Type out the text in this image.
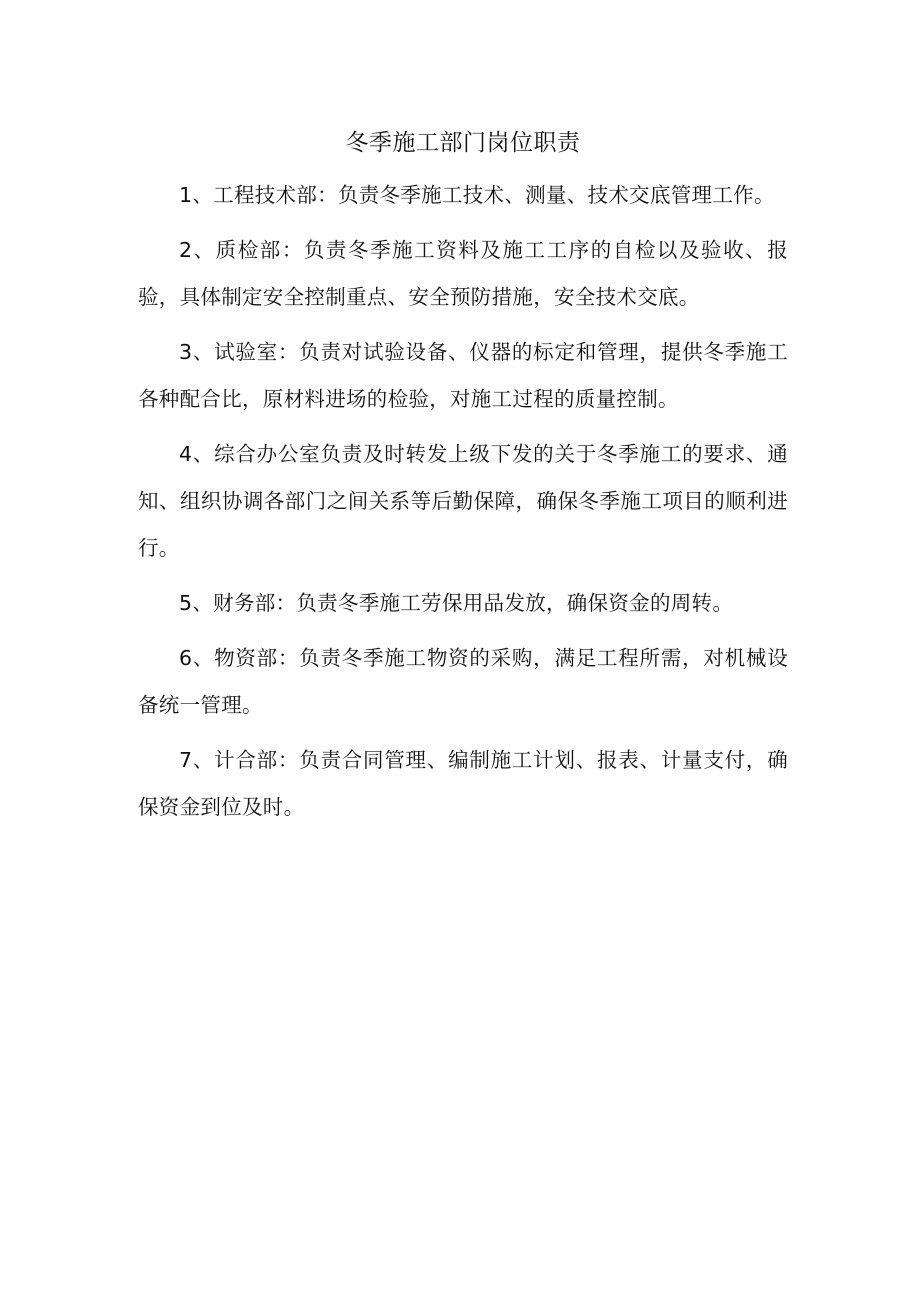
冬季施工部门岗位职责

1、工程技术部：负责冬季施工技术、测量、技术交底管理工作。

2、质检部：负责冬季施工资料及施工工序的自检以及验收、报验，具体制定安全控制重点、安全预防措施，安全技术交底。

3、试验室：负责对试验设备、仪器的标定和管理，提供冬季施工各种配合比，原材料进场的检验，对施工过程的质量控制。

4、综合办公室负责及时转发上级下发的关于冬季施工的要求、通知、组织协调各部门之间关系等后勤保障，确保冬季施工项目的顺利进行。

5、财务部：负责冬季施工劳保用品发放，确保资金的周转。

6、物资部：负责冬季施工物资的采购，满足工程所需，对机械设备统一管理。

7、计合部：负责合同管理、编制施工计划、报表、计量支付，确保资金到位及时。
